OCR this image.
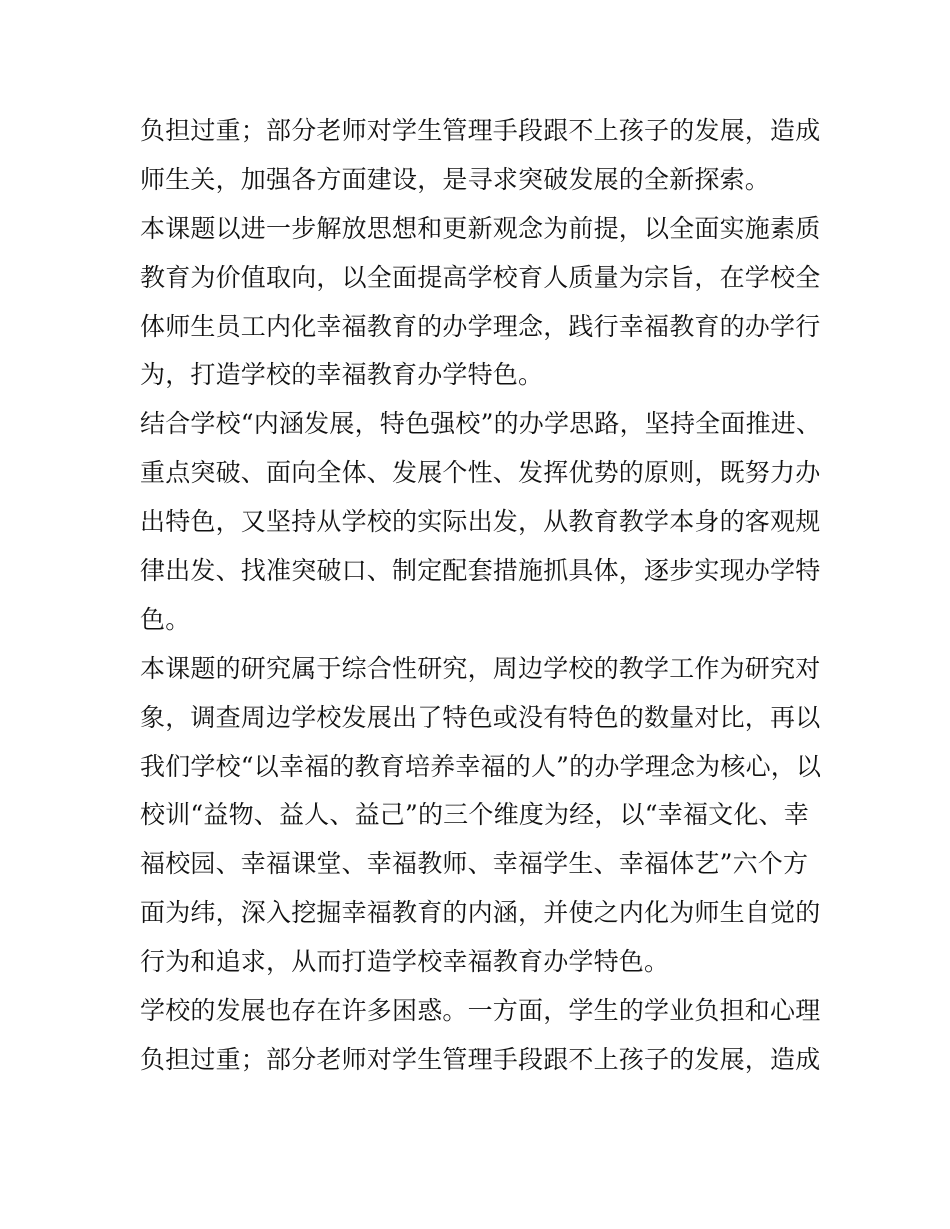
负担过重；部分老师对学生管理手段跟不上孩子的发展，造成
师生关，加强各方面建设，是寻求突破发展的全新探索。
本课题以进一步解放思想和更新观念为前提，以全面实施素质
教育为价值取向，以全面提高学校育人质量为宗旨，在学校全
体师生员工内化幸福教育的办学理念，践行幸福教育的办学行
为，打造学校的幸福教育办学特色。
结合学校“内涵发展，特色强校”的办学思路，坚持全面推进、
重点突破、面向全体、发展个性、发挥优势的原则，既努力办
出特色，又坚持从学校的实际出发，从教育教学本身的客观规
律出发、找准突破口、制定配套措施抓具体，逐步实现办学特
色。
本课题的研究属于综合性研究，周边学校的教学工作为研究对
象，调查周边学校发展出了特色或没有特色的数量对比，再以
我们学校“以幸福的教育培养幸福的人”的办学理念为核心，以
校训“益物、益人、益己”的三个维度为经，以“幸福文化、幸
福校园、幸福课堂、幸福教师、幸福学生、幸福体艺”六个方
面为纬，深入挖掘幸福教育的内涵，并使之内化为师生自觉的
行为和追求，从而打造学校幸福教育办学特色。
学校的发展也存在许多困惑。一方面，学生的学业负担和心理
负担过重；部分老师对学生管理手段跟不上孩子的发展，造成
